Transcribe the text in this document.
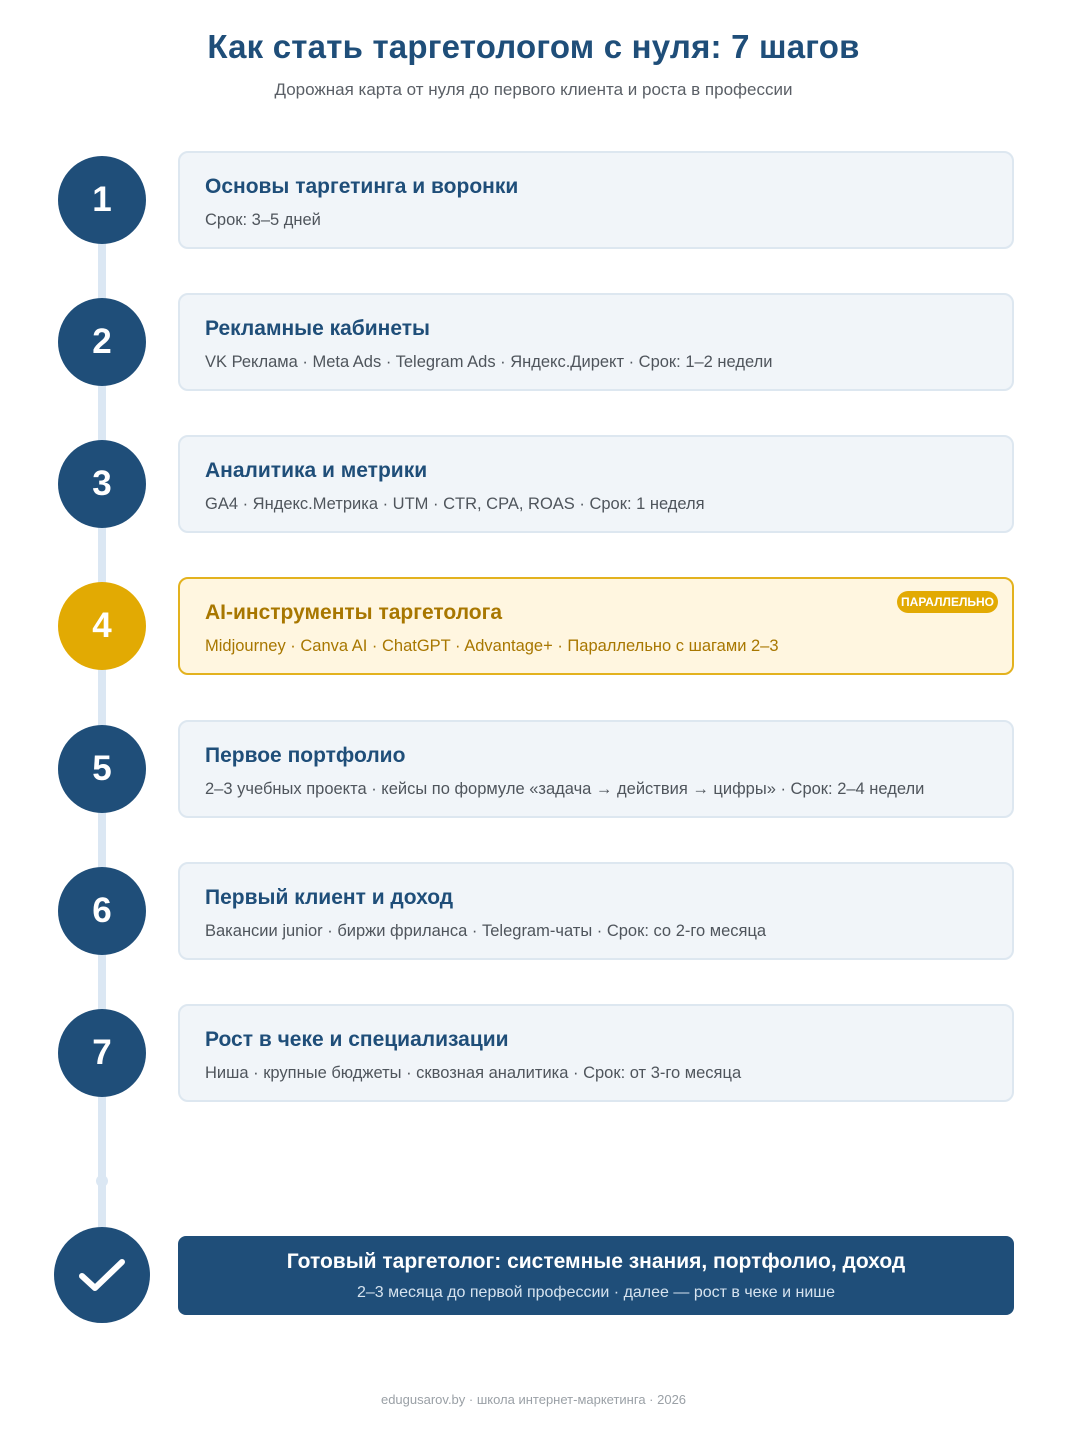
Как стать таргетологом с нуля: 7 шагов
Дорожная карта от нуля до первого клиента и роста в профессии
1	Основы таргетинга и воронки
Срок: 3–5 дней
2	Рекламные кабинеты
VK Реклама · Meta Ads · Telegram Ads · Яндекс.Директ · Срок: 1–2 недели
3	Аналитика и метрики
GA4 · Яндекс.Метрика · UTM · CTR, CPA, ROAS · Срок: 1 неделя
4	AI-инструменты таргетолога
Midjourney · Canva AI · ChatGPT · Advantage+ · Параллельно с шагами 2–3
ПАРАЛЛЕЛЬНО
5	Первое портфолио
2–3 учебных проекта · кейсы по формуле «задача → действия → цифры» · Срок: 2–4 недели
6	Первый клиент и доход
Вакансии junior · биржи фриланса · Telegram-чаты · Срок: со 2-го месяца
7	Рост в чеке и специализации
Ниша · крупные бюджеты · сквозная аналитика · Срок: от 3-го месяца
Готовый таргетолог: системные знания, портфолио, доход
2–3 месяца до первой профессии · далее — рост в чеке и нише
edugusarov.by · школа интернет-маркетинга · 2026
